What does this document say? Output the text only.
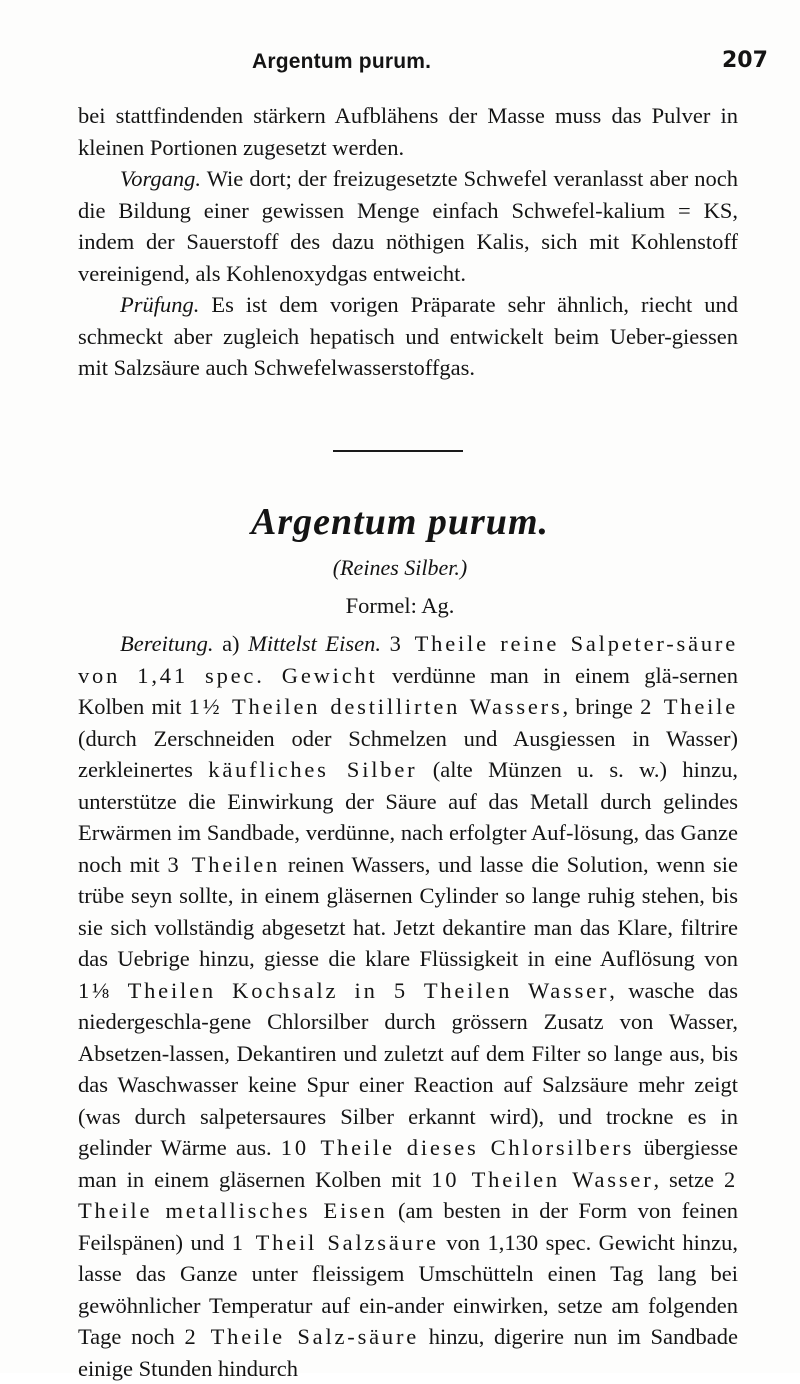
Argentum purum.	207

bei stattfindenden stärkern Aufblähens der Masse muss das Pulver in kleinen Portionen zugesetzt werden.

Vorgang. Wie dort; der freizugesetzte Schwefel veranlasst aber noch die Bildung einer gewissen Menge einfach Schwefel-kalium = KS, indem der Sauerstoff des dazu nöthigen Kalis, sich mit Kohlenstoff vereinigend, als Kohlenoxydgas entweicht.

Prüfung. Es ist dem vorigen Präparate sehr ähnlich, riecht und schmeckt aber zugleich hepatisch und entwickelt beim Ueber-giessen mit Salzsäure auch Schwefelwasserstoffgas.

Argentum purum.
(Reines Silber.)
Formel: Ag.

Bereitung. a) Mittelst Eisen. 3 Theile reine Salpeter-säure von 1,41 spec. Gewicht verdünne man in einem glä-sernen Kolben mit 1½ Theilen destillirten Wassers, bringe 2 Theile (durch Zerschneiden oder Schmelzen und Ausgiessen in Wasser) zerkleinertes käufliches Silber (alte Münzen u. s. w.) hinzu, unterstütze die Einwirkung der Säure auf das Metall durch gelindes Erwärmen im Sandbade, verdünne, nach erfolgter Auf-lösung, das Ganze noch mit 3 Theilen reinen Wassers, und lasse die Solution, wenn sie trübe seyn sollte, in einem gläsernen Cylinder so lange ruhig stehen, bis sie sich vollständig abgesetzt hat. Jetzt dekantire man das Klare, filtrire das Uebrige hinzu, giesse die klare Flüssigkeit in eine Auflösung von 1⅛ Theilen Kochsalz in 5 Theilen Wasser, wasche das niedergeschla-gene Chlorsilber durch grössern Zusatz von Wasser, Absetzen-lassen, Dekantiren und zuletzt auf dem Filter so lange aus, bis das Waschwasser keine Spur einer Reaction auf Salzsäure mehr zeigt (was durch salpetersaures Silber erkannt wird), und trockne es in gelinder Wärme aus. 10 Theile dieses Chlorsilbers übergiesse man in einem gläsernen Kolben mit 10 Theilen Wasser, setze 2 Theile metallisches Eisen (am besten in der Form von feinen Feilspänen) und 1 Theil Salzsäure von 1,130 spec. Gewicht hinzu, lasse das Ganze unter fleissigem Umschütteln einen Tag lang bei gewöhnlicher Temperatur auf ein-ander einwirken, setze am folgenden Tage noch 2 Theile Salz-säure hinzu, digerire nun im Sandbade einige Stunden hindurch
